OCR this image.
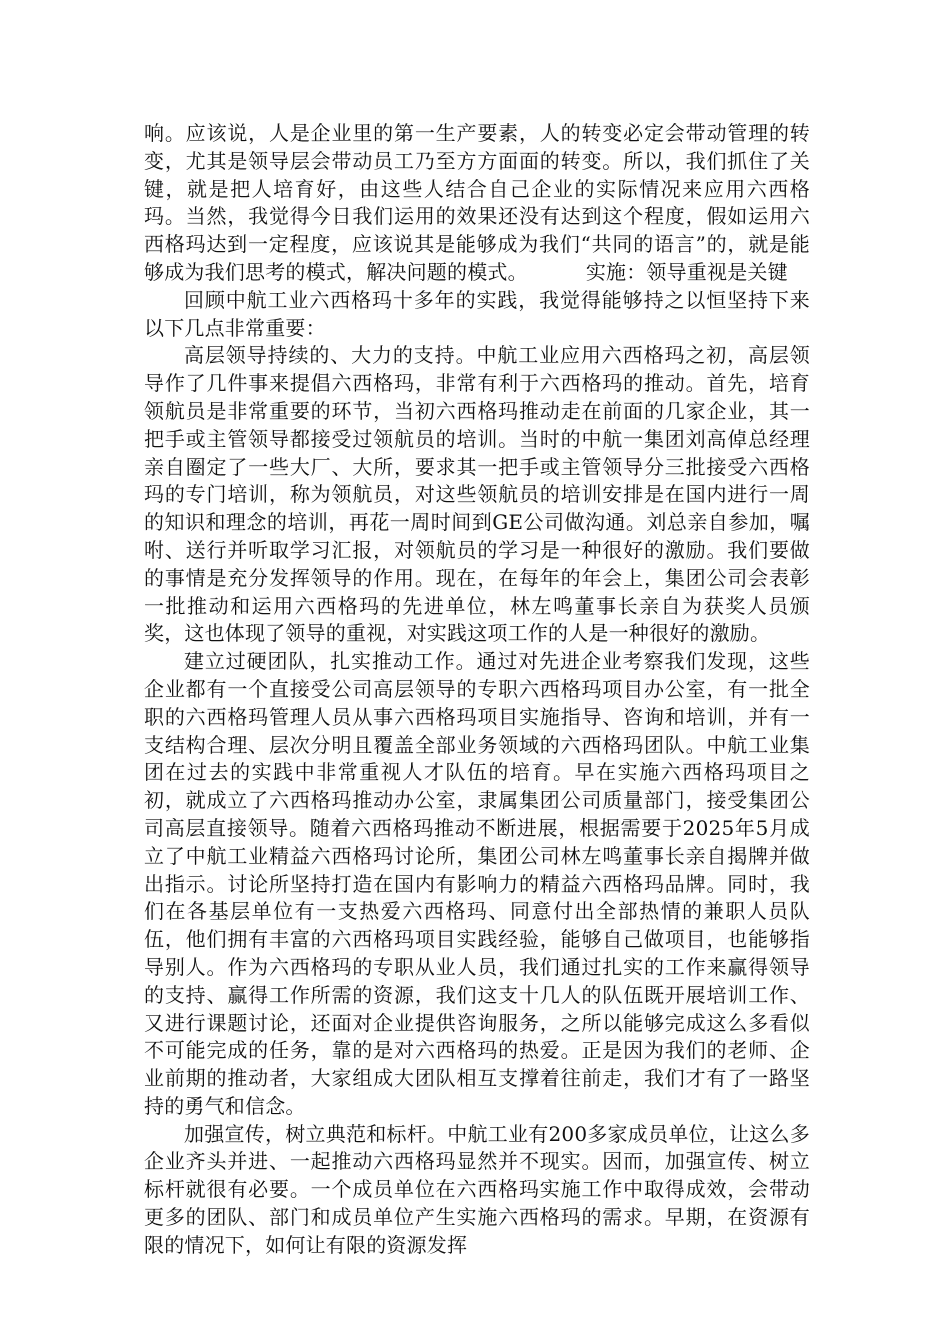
响。应该说，人是企业里的第一生产要素，人的转变必定会带动管理的转变，尤其是领导层会带动员工乃至方方面面的转变。所以，我们抓住了关键，就是把人培育好，由这些人结合自己企业的实际情况来应用六西格玛。当然，我觉得今日我们运用的效果还没有达到这个程度，假如运用六西格玛达到一定程度，应该说其是能够成为我们“共同的语言”的，就是能够成为我们思考的模式，解决问题的模式。	实施：领导重视是关键

回顾中航工业六西格玛十多年的实践，我觉得能够持之以恒坚持下来以下几点非常重要：

高层领导持续的、大力的支持。中航工业应用六西格玛之初，高层领导作了几件事来提倡六西格玛，非常有利于六西格玛的推动。首先，培育领航员是非常重要的环节，当初六西格玛推动走在前面的几家企业，其一把手或主管领导都接受过领航员的培训。当时的中航一集团刘高倬总经理亲自圈定了一些大厂、大所，要求其一把手或主管领导分三批接受六西格玛的专门培训，称为领航员，对这些领航员的培训安排是在国内进行一周的知识和理念的培训，再花一周时间到GE公司做沟通。刘总亲自参加，嘱咐、送行并听取学习汇报，对领航员的学习是一种很好的激励。我们要做的事情是充分发挥领导的作用。现在，在每年的年会上，集团公司会表彰一批推动和运用六西格玛的先进单位，林左鸣董事长亲自为获奖人员颁奖，这也体现了领导的重视，对实践这项工作的人是一种很好的激励。

建立过硬团队，扎实推动工作。通过对先进企业考察我们发现，这些企业都有一个直接受公司高层领导的专职六西格玛项目办公室，有一批全职的六西格玛管理人员从事六西格玛项目实施指导、咨询和培训，并有一支结构合理、层次分明且覆盖全部业务领域的六西格玛团队。中航工业集团在过去的实践中非常重视人才队伍的培育。早在实施六西格玛项目之初，就成立了六西格玛推动办公室，隶属集团公司质量部门，接受集团公司高层直接领导。随着六西格玛推动不断进展，根据需要于2025年5月成立了中航工业精益六西格玛讨论所，集团公司林左鸣董事长亲自揭牌并做出指示。讨论所坚持打造在国内有影响力的精益六西格玛品牌。同时，我们在各基层单位有一支热爱六西格玛、同意付出全部热情的兼职人员队伍，他们拥有丰富的六西格玛项目实践经验，能够自己做项目，也能够指导别人。作为六西格玛的专职从业人员，我们通过扎实的工作来赢得领导的支持、赢得工作所需的资源，我们这支十几人的队伍既开展培训工作、又进行课题讨论，还面对企业提供咨询服务，之所以能够完成这么多看似不可能完成的任务，靠的是对六西格玛的热爱。正是因为我们的老师、企业前期的推动者，大家组成大团队相互支撑着往前走，我们才有了一路坚持的勇气和信念。

加强宣传，树立典范和标杆。中航工业有200多家成员单位，让这么多企业齐头并进、一起推动六西格玛显然并不现实。因而，加强宣传、树立标杆就很有必要。一个成员单位在六西格玛实施工作中取得成效，会带动更多的团队、部门和成员单位产生实施六西格玛的需求。早期，在资源有限的情况下，如何让有限的资源发挥
